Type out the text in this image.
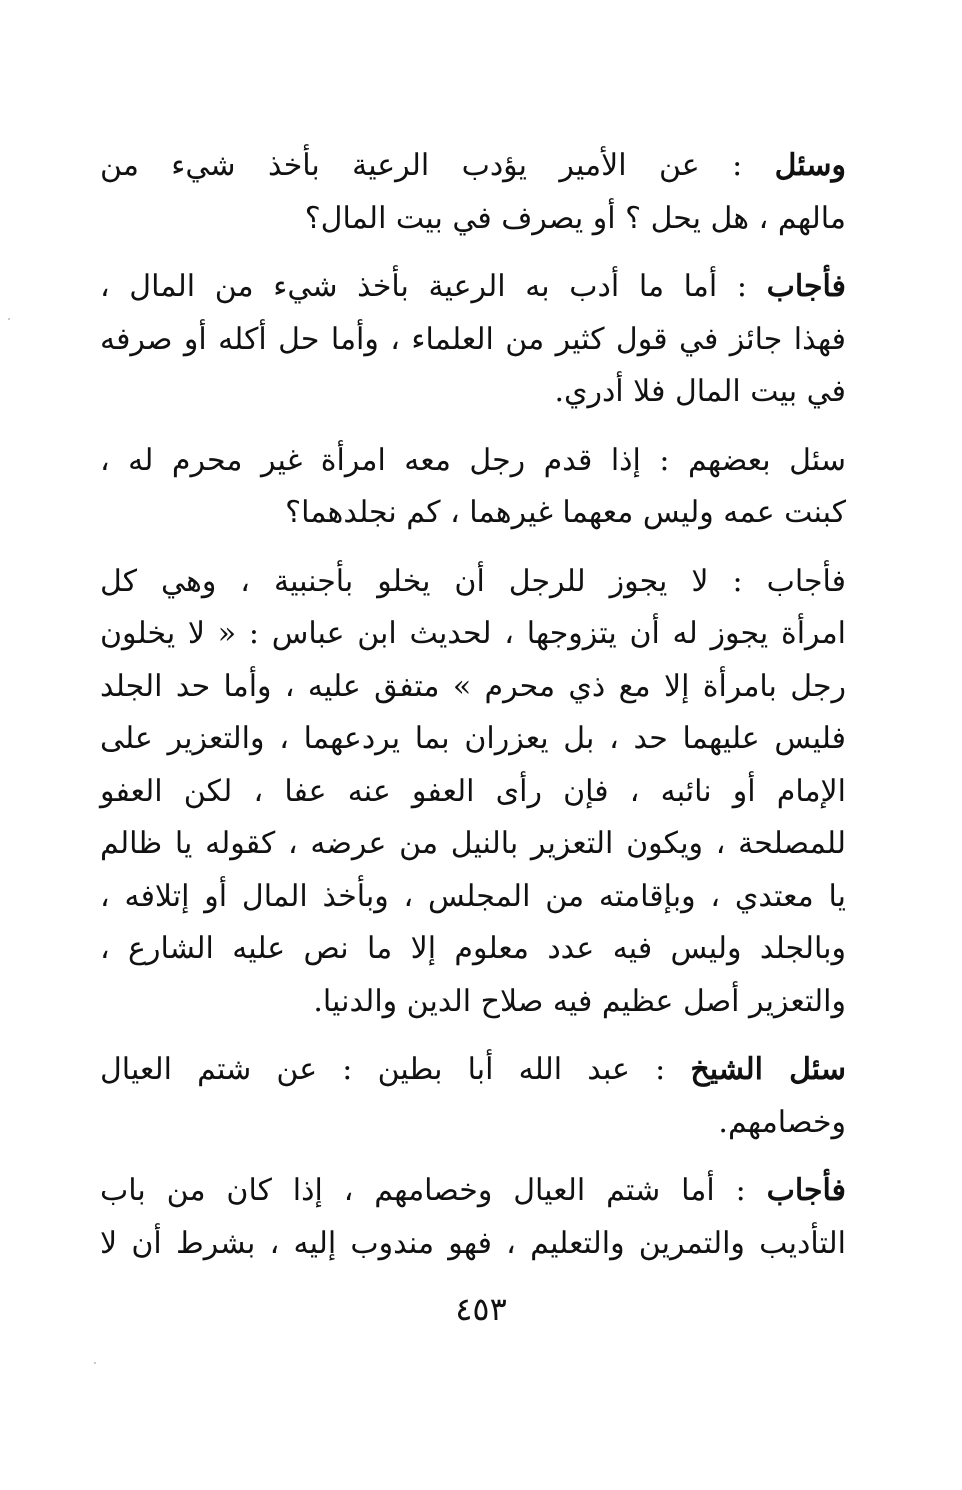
وسئل : عن الأمير يؤدب الرعية بأخذ شيء من
مالهم ، هل يحل ؟ أو يصرف في بيت المال؟

فأجاب : أما ما أدب به الرعية بأخذ شيء من المال ،
فهذا جائز في قول كثير من العلماء ، وأما حل أكله أو صرفه
في بيت المال فلا أدري.

سئل بعضهم : إذا قدم رجل معه امرأة غير محرم له ،
كبنت عمه وليس معهما غيرهما ، كم نجلدهما؟

فأجاب : لا يجوز للرجل أن يخلو بأجنبية ، وهي كل
امرأة يجوز له أن يتزوجها ، لحديث ابن عباس : « لا يخلون
رجل بامرأة إلا مع ذي محرم » متفق عليه ، وأما حد الجلد
فليس عليهما حد ، بل يعزران بما يردعهما ، والتعزير على
الإمام أو نائبه ، فإن رأى العفو عنه عفا ، لكن العفو
للمصلحة ، ويكون التعزير بالنيل من عرضه ، كقوله يا ظالم
يا معتدي ، وبإقامته من المجلس ، وبأخذ المال أو إتلافه ،
وبالجلد وليس فيه عدد معلوم إلا ما نص عليه الشارع ،
والتعزير أصل عظيم فيه صلاح الدين والدنيا.

سئل الشيخ : عبد الله أبا بطين : عن شتم العيال
وخصامهم.

فأجاب : أما شتم العيال وخصامهم ، إذا كان من باب
التأديب والتمرين والتعليم ، فهو مندوب إليه ، بشرط أن لا

٤٥٣
